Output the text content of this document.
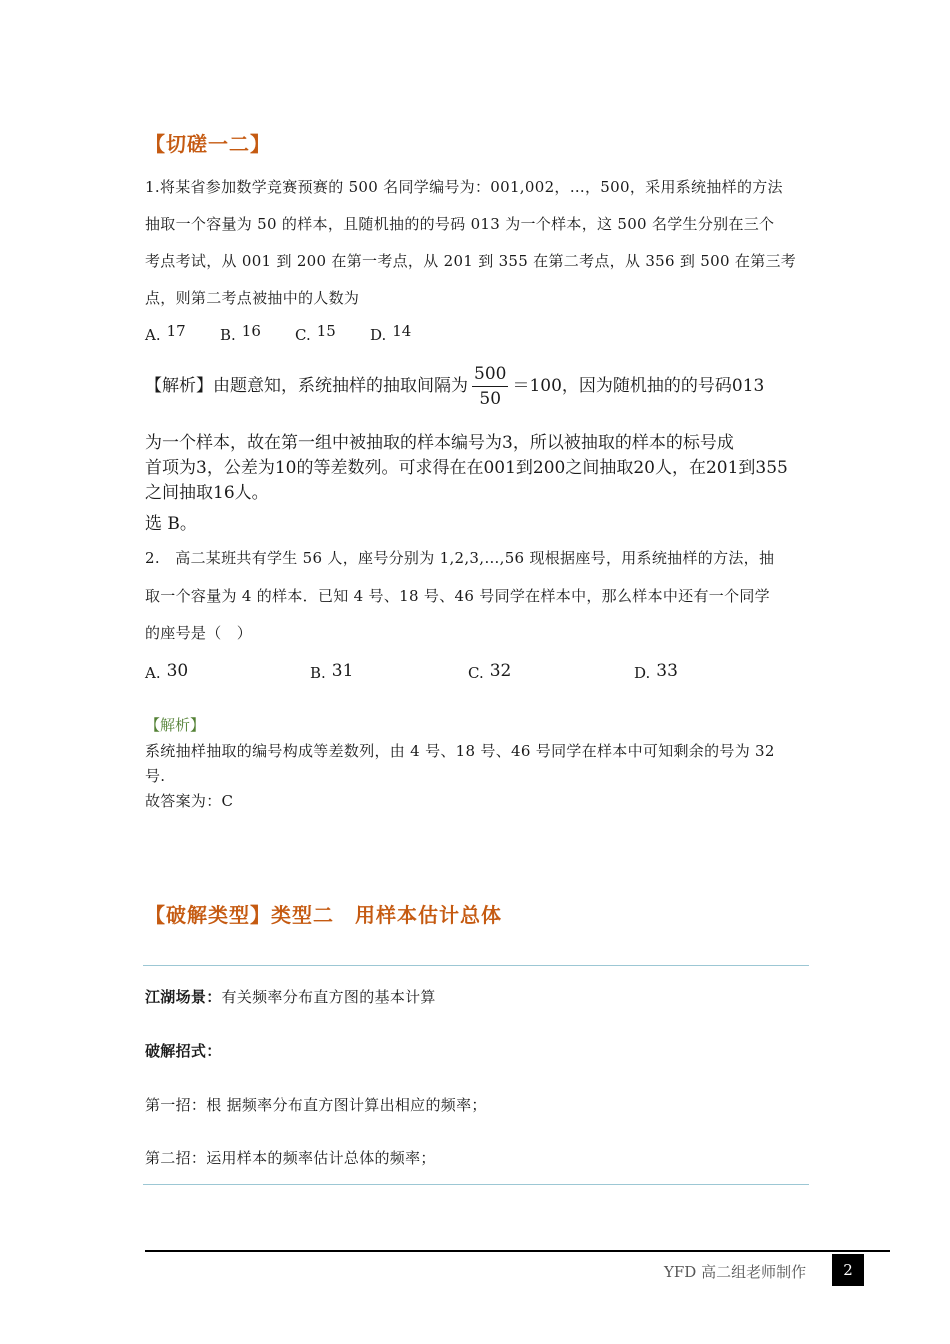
【切磋一二】
1.将某省参加数学竞赛预赛的 500 名同学编号为：001,002，…，500，采用系统抽样的方法
抽取一个容量为 50 的样本，且随机抽的的号码 013 为一个样本，这 500 名学生分别在三个
考点考试，从 001 到 200 在第一考点，从 201 到 355 在第二考点，从 356 到 500 在第三考
点，则第二考点被抽中的人数为
A. 17 B. 16 C. 15 D. 14
【解析】由题意知，系统抽样的抽取间隔为 $\frac{500}{50} =100$，因为随机抽的的号码013
为一个样本，故在第一组中被抽取的样本编号为3，所以被抽取的样本的标号成
首项为3，公差为10的等差数列。可求得在在001到200之间抽取20人，在201到355
之间抽取16人。
选 B。
2.　高二某班共有学生 56 人，座号分别为 1,2,3,…,56 现根据座号，用系统抽样的方法，抽
取一个容量为 4 的样本．已知 4 号、18 号、46 号同学在样本中，那么样本中还有一个同学
的座号是（　）
A. 30	B. 31	C. 32	D. 33
【解析】
系统抽样抽取的编号构成等差数列，由 4 号、18 号、46 号同学在样本中可知剩余的号为 32
号.
故答案为：C
【破解类型】类型二　用样本估计总体
江湖场景：有关频率分布直方图的基本计算
破解招式：
第一招：根 据频率分布直方图计算出相应的频率；
第二招：运用样本的频率估计总体的频率；
YFD 高二组老师制作	2
